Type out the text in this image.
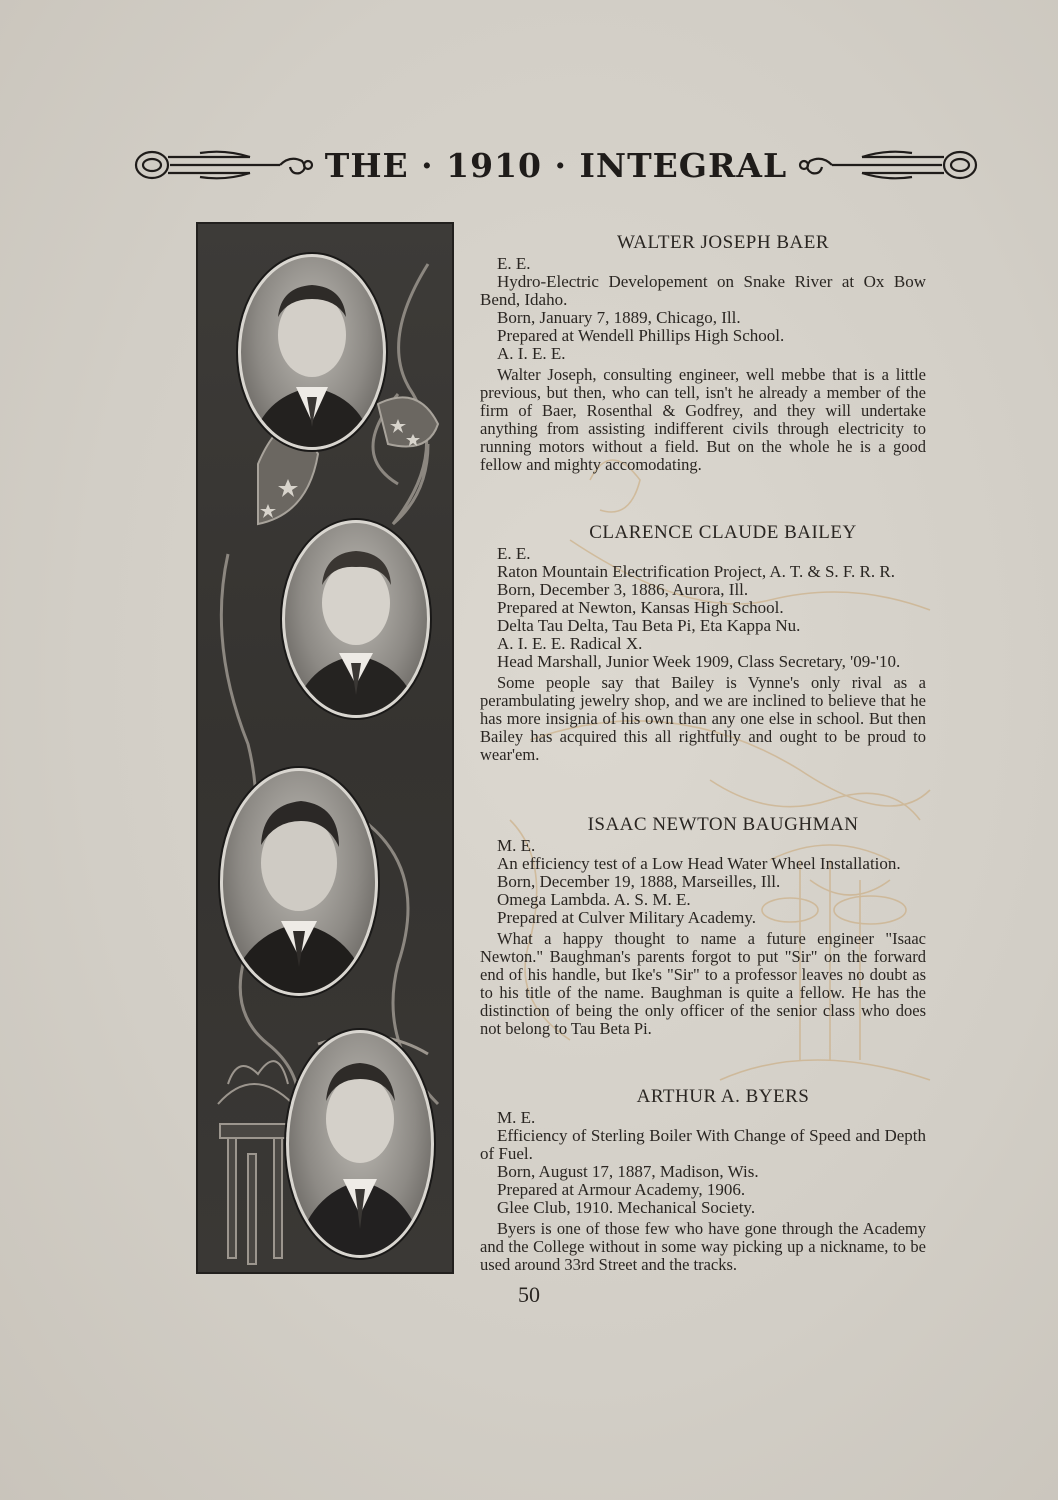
THE · 1910 · INTEGRAL
WALTER JOSEPH BAER
E. E.
Hydro-Electric Developement on Snake River at Ox Bow Bend, Idaho.
Born, January 7, 1889, Chicago, Ill.
Prepared at Wendell Phillips High School.
A. I. E. E.
Walter Joseph, consulting engineer, well mebbe that is a little previous, but then, who can tell, isn't he already a member of the firm of Baer, Rosenthal & Godfrey, and they will undertake anything from assisting indifferent civils through electricity to running motors without a field. But on the whole he is a good fellow and mighty accomodating.
CLARENCE CLAUDE BAILEY
E. E.
Raton Mountain Electrification Project, A. T. & S. F. R. R.
Born, December 3, 1886, Aurora, Ill.
Prepared at Newton, Kansas High School.
Delta Tau Delta, Tau Beta Pi, Eta Kappa Nu.
A. I. E. E. Radical X.
Head Marshall, Junior Week 1909, Class Secretary, '09-'10.
Some people say that Bailey is Vynne's only rival as a perambulating jewelry shop, and we are inclined to believe that he has more insignia of his own than any one else in school. But then Bailey has acquired this all rightfully and ought to be proud to wear'em.
ISAAC NEWTON BAUGHMAN
M. E.
An efficiency test of a Low Head Water Wheel Installation.
Born, December 19, 1888, Marseilles, Ill.
Omega Lambda. A. S. M. E.
Prepared at Culver Military Academy.
What a happy thought to name a future engineer "Isaac Newton." Baughman's parents forgot to put "Sir" on the forward end of his handle, but Ike's "Sir" to a professor leaves no doubt as to his title of the name. Baughman is quite a fellow. He has the distinction of being the only officer of the senior class who does not belong to Tau Beta Pi.
ARTHUR A. BYERS
M. E.
Efficiency of Sterling Boiler With Change of Speed and Depth of Fuel.
Born, August 17, 1887, Madison, Wis.
Prepared at Armour Academy, 1906.
Glee Club, 1910. Mechanical Society.
Byers is one of those few who have gone through the Academy and the College without in some way picking up a nickname, to be used around 33rd Street and the tracks.
50
